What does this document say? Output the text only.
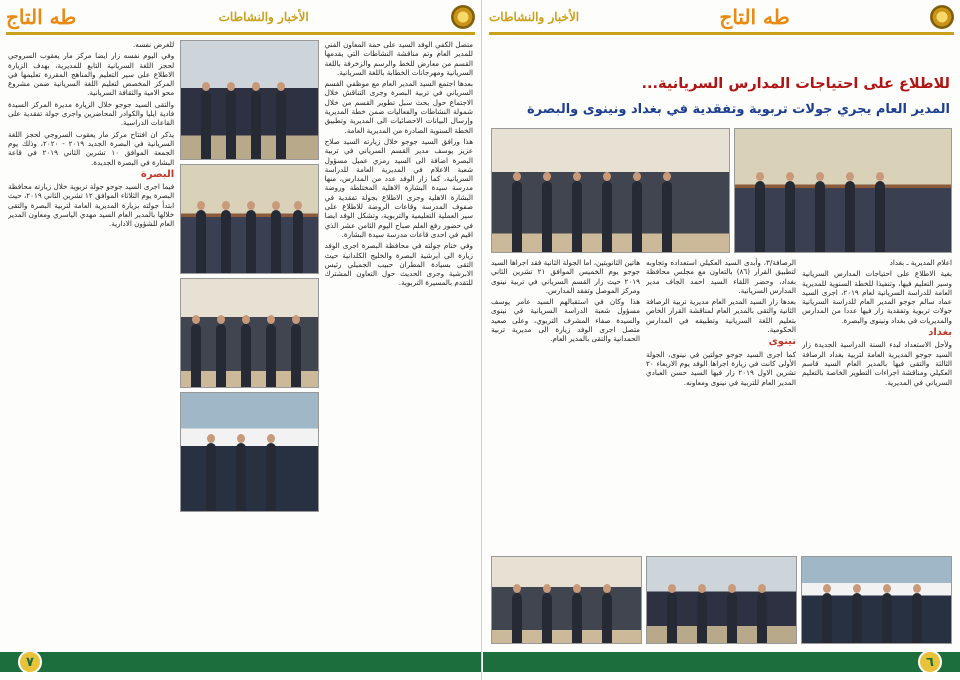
طه التاج	الأخبار والنشاطات

متصل الكفي الوفد السيد على حمة المعاون الفني للمدير العام وتم مناقشة النشاطات التي يقدمها القسم من معارض للخط والرسم والزخرفة باللغة السريانية ومهرجانات الخطابة باللغة السريانية.

بعدها اجتمع السيد المدير العام مع موظفي القسم السرياني في تربية البصرة وجرى التناقش خلال الاجتماع حول بحث سبل تطوير القسم من خلال شمولة النشاطات والفعاليات ضمن خطة المديرية وإرسال البيانات الاحصائيات الى المديرية وتطبيق الخطة السنوية الصادرة من المديرية العامة.

هذا ورافق السيد جوجو خلال زيارته السيد صلاح عزيز يوسف مدير القسم السرياني في تربية البصرة اضافة الى السيد رمزي عميل مسؤول شعبة الاعلام في المديرية العامة للدراسة السريانية، كما زار الوفد عدد من المدارس، منها مدرسة سيدة البشارة الاهلية المختلطة وروضة البشارة الاهلية وجرى الاطلاع بجولة تفقدية في صفوف المدرسة وقاعات الروضة للاطلاع على سير العملية التعليمية والتربوية، وتشكل الوفد ايضا في حضور رفع العلم صباح اليوم الثامن عشر الذي اقيم في احدى قاعات مدرسة سيدة البشارة.

وفي ختام جولته في محافظة البصرة اجرى الوفد زيارة الى ابرشية البصرة والخليج الكلدانية حيث التقى بسيادة المطران حبيب الجميلي رئيس الابرشية وجرى الحديث حول التعاون المشترك للتقدم بالمسيرة التربوية.

للغرض نفسه.

وفي اليوم نفسه زار ايضا مركز مار يعقوب السروجي لحجز اللغة السريانية التابع للمديرية، بهدف الزيارة الاطلاع على سير التعليم والمناهج المقررة تعليمها في المركز المخصص لتعليم اللغة السريانية ضمن مشروع محو الامية والثقافة السريانية.

والتقى السيد جوجو خلال الزيارة مديرة المركز السيدة فادية ايليا والكوادر المحاضرين واجرى جولة تفقدية على القاعات الدراسية.

يذكر ان افتتاح مركز مار يعقوب السروجي لحجز اللغة السريانية في البصرة الجديد ٢٠١٩ - ٢٠٢٠، وذلك يوم الجمعة الموافق ١٠ تشرين الثاني ٢٠١٩ في قاعة البشارة في البصرة الجديدة.

البصرة

فيما اجرى السيد جوجو جولة تربوية خلال زيارته محافظة البصرة يوم الثلاثاء الموافق ١٢ تشرين الثاني ٢٠١٩، حيث ابتدأ جولته بزيارة المديرية العامة لتربية البصرة والتقى خلالها بالمدير العام السيد مهدي الياسري ومعاون المدير العام للشؤون الادارية.

٧
الأخبار والنشاطات	طه التاج
للاطلاع على احتياجات المدارس السريانية...
المدير العام يجري جولات تربوية وتفقدية في بغداد ونينوى والبصرة

اعلام المديرية ـ بغداد

بغية الاطلاع على احتياجات المدارس السريانية وسير التعليم فيها، وتنفيذا للخطة السنوية للمديرية العامة للدراسة السريانية لعام ٢٠١٩، اجرى السيد عماد سالم جوجو المدير العام للدراسة السريانية جولات تربوية وتفقدية زار فيها عددا من المدارس والمديريات في بغداد ونينوى والبصرة.

بغداد

ولأجل الاستعداد لبدء السنة الدراسية الجديدة زار السيد جوجو المديرية العامة لتربية بغداد الرصافة الثالثة والتقى فيها بالمدير العام السيد قاسم العكيلي ومناقشة اجراءات التطوير الخاصة بالتعليم السرياني في المديرية.

الرصافة/٣، وأبدى السيد العكيلي استعداده وتجاوبه لتطبيق القرار (٨٦) بالتعاون مع مجلس محافظة بغداد، وحضر اللقاء السيد احمد الجاف مدير المدارس السريانية.

بعدها زار السيد المدير العام مديرية تربية الرصافة الثانية والتقى بالمدير العام لمناقشة القرار الخاص بتعليم اللغة السريانية وتطبيقه في المدارس الحكومية.

نينوى

كما اجرى السيد جوجو جولتين في نينوى، الجولة الأولى كانت في زيارة اجراها الوفد يوم الاربعاء ٢٠ تشرين الاول ٢٠١٩ زار فيها السيد حسن العبادي المدير العام للتربية في نينوى ومعاونه.

هاتين الثانويتين، اما الجولة الثانية فقد اجراها السيد جوجو يوم الخميس الموافق ٢١ تشرين الثاني ٢٠١٩ حيث زار القسم السرياني في تربية نينوى ومركز الموصل وتفقد المدارس.

هذا وكان في استقبالهم السيد عامر يوسف مسؤول شعبة الدراسة السريانية في نينوى والسيدة صفاء المشرف التربوي، وعلى صعيد متصل اجرى الوفد زيارة الى مديرية تربية الحمدانية والتقى بالمدير العام.

٦
